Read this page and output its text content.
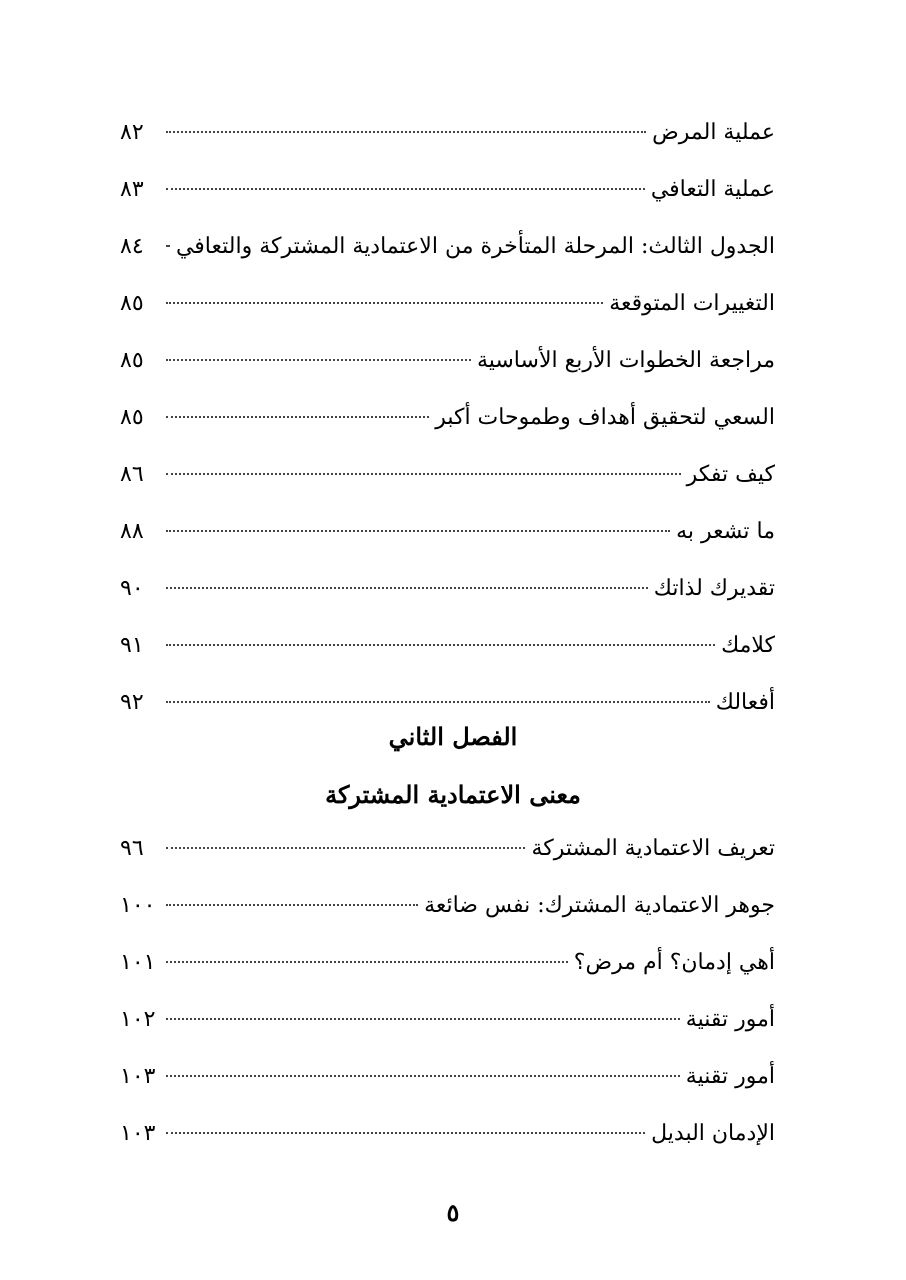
عملية المرض
٨٢
عملية التعافي
٨٣
الجدول الثالث: المرحلة المتأخرة من الاعتمادية المشتركة والتعافي
٨٤
التغييرات المتوقعة
٨٥
مراجعة الخطوات الأربع الأساسية
٨٥
السعي لتحقيق أهداف وطموحات أكبر
٨٥
كيف تفكر
٨٦
ما تشعر به
٨٨
تقديرك لذاتك
٩٠
كلامك
٩١
أفعالك
٩٢
الفصل الثاني
معنى الاعتمادية المشتركة
تعريف الاعتمادية المشتركة
٩٦
جوهر الاعتمادية المشترك: نفس ضائعة
١٠٠
أهي إدمان؟ أم مرض؟
١٠١
أمور تقنية
١٠٢
أمور تقنية
١٠٣
الإدمان البديل
١٠٣
٥
